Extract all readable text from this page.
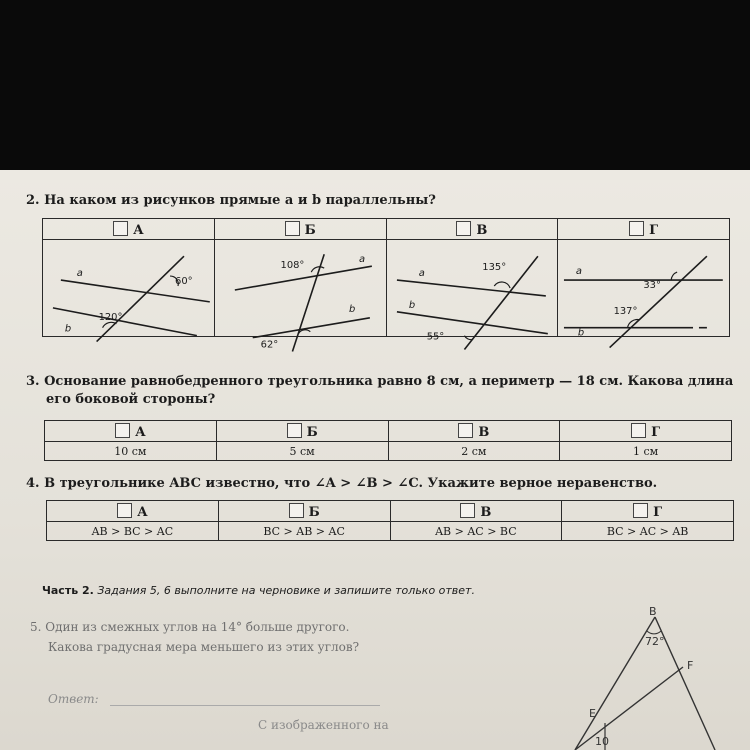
2. На каком из рисунков прямые a и b параллельны?
А	Б	В	Г

a
b
60°
120°	a
b
108°
62°	a
b
135°
55°	a
b
33°
137°
3. Основание равнобедренного треугольника равно 8 см, а периметр — 18 см. Какова длина
его боковой стороны?
А	Б	В	Г
10 см	5 см	2 см	1 см
4. В треугольнике ABC известно, что ∠A > ∠B > ∠C. Укажите верное неравенство.
А	Б	В	Г
AB > BC > AC	BC > AB > AC	AB > AC > BC	BC > AC > AB
Часть 2. Задания 5, 6 выполните на черновике и запишите только ответ.
5. Один из смежных углов на 14° больше другого.
Какова градусная мера меньшего из этих углов?
Ответ:
С изображенного на
B
72°
F
E
10
